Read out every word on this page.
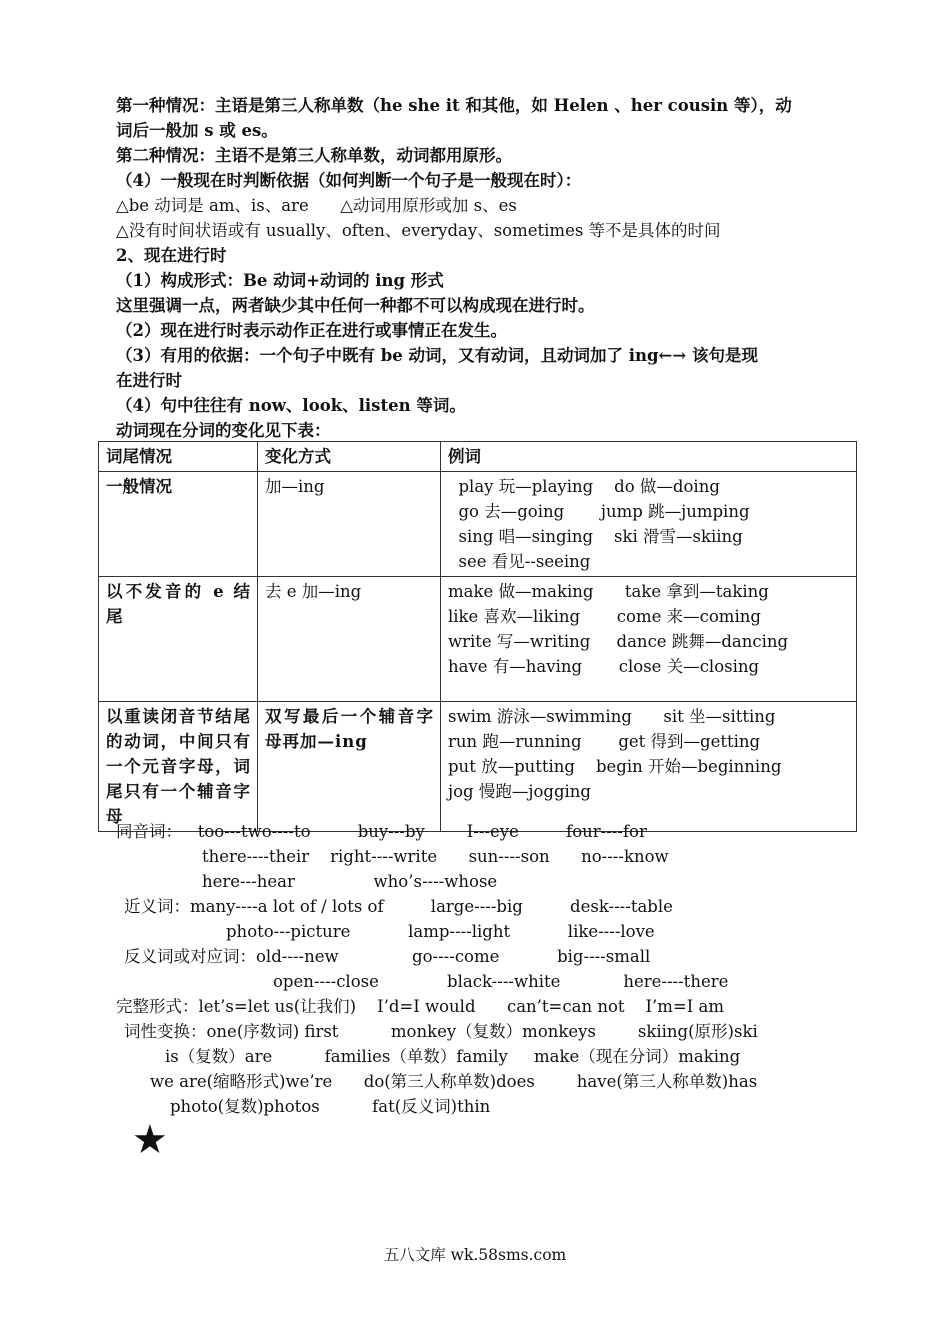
第一种情况：主语是第三人称单数（he she it 和其他，如 Helen 、her cousin 等），动
词后一般加 s 或 es。
第二种情况：主语不是第三人称单数，动词都用原形。
（4）一般现在时判断依据（如何判断一个句子是一般现在时）：
△be 动词是 am、is、are      △动词用原形或加 s、es
△没有时间状语或有 usually、often、everyday、sometimes 等不是具体的时间
2、现在进行时
（1）构成形式：Be 动词+动词的 ing 形式
这里强调一点，两者缺少其中任何一种都不可以构成现在进行时。
（2）现在进行时表示动作正在进行或事情正在发生。
（3）有用的依据：一个句子中既有 be 动词，又有动词，且动词加了 ing←→ 该句是现
在进行时
（4）句中往往有 now、look、listen 等词。
动词现在分词的变化见下表：
词尾情况	变化方式	例词
一般情况	加—ing	play 玩—playing    do 做—doing
go 去—going       jump 跳—jumping
sing 唱—singing    ski 滑雪—skiing
see 看见--seeing

以不发音的 e 结尾	去 e 加—ing	make 做—making      take 拿到—taking
like 喜欢—liking       come 来—coming
write 写—writing     dance 跳舞—dancing
have 有—having       close 关—closing

以重读闭音节结尾的动词，中间只有一个元音字母，词尾只有一个辅音字母	双写最后一个辅音字母再加—ing	swim 游泳—swimming      sit 坐—sitting
run 跑—running       get 得到—getting
put 放—putting    begin 开始—beginning
jog 慢跑—jogging
同音词：   too---two----to         buy---by        I---eye         four----for
there----their    right----write      sun----son      no----know
here---hear               who’s----whose
近义词：many----a lot of / lots of         large----big         desk----table
photo---picture           lamp----light           like----love
反义词或对应词：old----new              go----come           big----small
open----close             black----white            here----there
完整形式：let’s=let us(让我们)    I’d=I would      can’t=can not    I’m=I am
词性变换：one(序数词) first          monkey（复数）monkeys        skiing(原形)ski
is（复数）are          families（单数）family     make（现在分词）making
we are(缩略形式)we’re      do(第三人称单数)does        have(第三人称单数)has
photo(复数)photos          fat(反义词)thin
★
五八文库 wk.58sms.com
